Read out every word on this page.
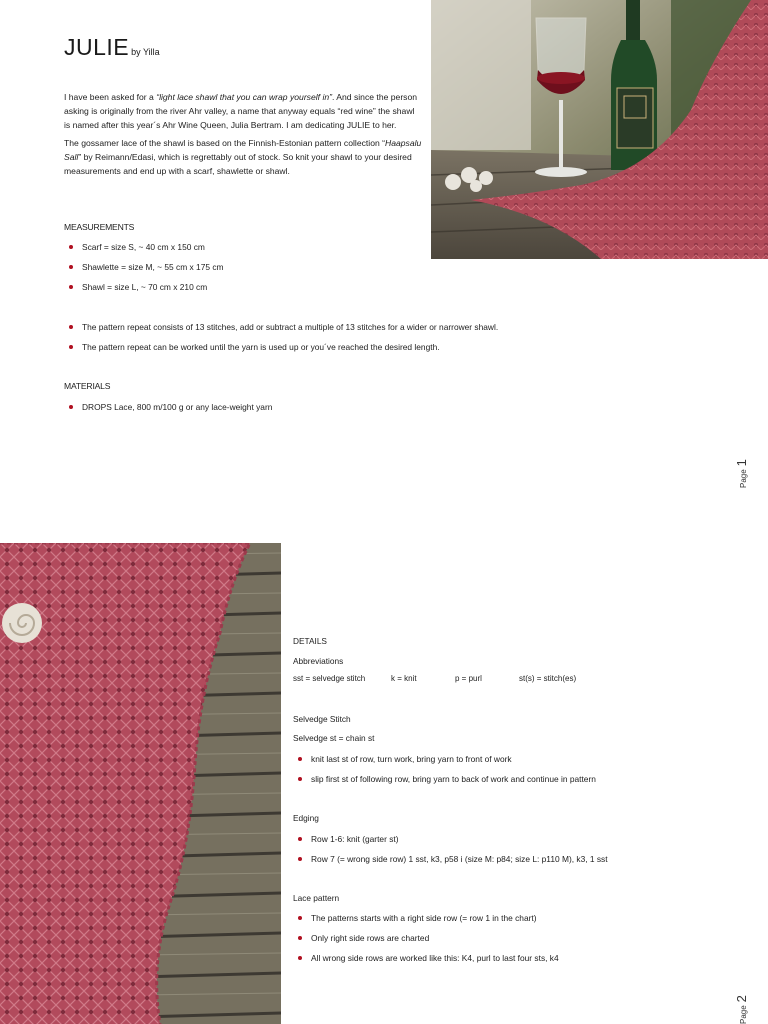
JULIE by Yilla

I have been asked for a “light lace shawl that you can wrap yourself in”. And since the person asking is originally from the river Ahr valley, a name that anyway equals “red wine” the shawl is named after this year´s Ahr Wine Queen, Julia Bertram. I am dedicating JULIE to her.

The gossamer lace of the shawl is based on the Finnish-Estonian pattern collection “Haapsalu Sall” by Reimann/Edasi, which is regrettably out of stock. So knit your shawl to your desired measurements and end up with a scarf, shawlette or shawl.

MEASUREMENTS
Scarf = size S, ~ 40 cm x 150 cm
Shawlette = size M, ~ 55 cm x 175 cm
Shawl = size L, ~ 70 cm x 210 cm
The pattern repeat consists of 13 stitches, add or subtract a multiple of 13 stitches for a wider or narrower shawl.
The pattern repeat can be worked until the yarn is used up or you´ve reached the desired length.
MATERIALS
DROPS Lace, 800 m/100 g or any lace-weight yarn
Page1
DETAILS
Abbreviations
sst = selvedge stitch	k = knit	p = purl	st(s) = stitch(es)
Selvedge Stitch
Selvedge st = chain st
knit last st of row, turn work, bring yarn to front of work
slip first st of following row, bring yarn to back of work and continue in pattern
Edging
Row 1-6: knit (garter st)
Row 7 (= wrong side row) 1 sst, k3, p58 i (size M: p84; size L: p110 M), k3, 1 sst
Lace pattern
The patterns starts with a right side row (= row 1 in the chart)
Only right side rows are charted
All wrong side rows are worked like this: K4, purl to last four sts, k4
Page2
